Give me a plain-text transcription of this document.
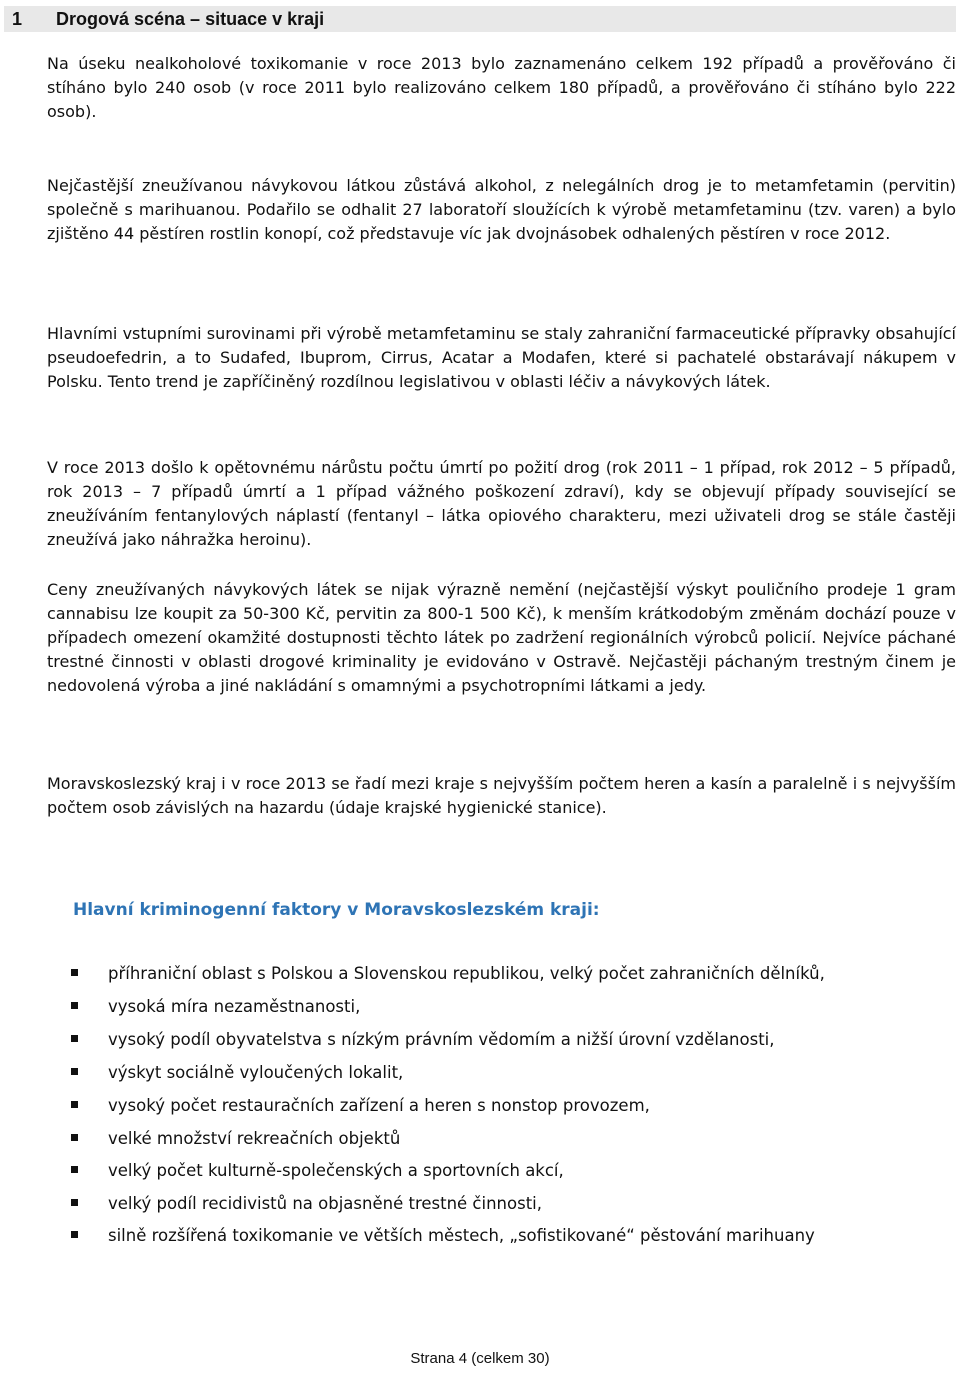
1 Drogová scéna – situace v kraji

Na úseku nealkoholové toxikomanie v roce 2013 bylo zaznamenáno celkem 192 případů a prověřováno či stíháno bylo 240 osob (v roce 2011 bylo realizováno celkem 180 případů, a prověřováno či stíháno bylo 222 osob).

Nejčastější zneužívanou návykovou látkou zůstává alkohol, z nelegálních drog je to metamfetamin (pervitin) společně s marihuanou. Podařilo se odhalit 27 laboratoří sloužících k výrobě metamfetaminu (tzv. varen) a bylo zjištěno 44 pěstíren rostlin konopí, což představuje víc jak dvojnásobek odhalených pěstíren v roce 2012.

Hlavními vstupními surovinami při výrobě metamfetaminu se staly zahraniční farmaceutické přípravky obsahující pseudoefedrin, a to Sudafed, Ibuprom, Cirrus, Acatar a Modafen, které si pachatelé obstarávají nákupem v Polsku. Tento trend je zapříčiněný rozdílnou legislativou v oblasti léčiv a návykových látek.

V roce 2013 došlo k opětovnému nárůstu počtu úmrtí po požití drog (rok 2011 – 1 případ, rok 2012 – 5 případů, rok 2013 – 7 případů úmrtí a 1 případ vážného poškození zdraví), kdy se objevují případy související se zneužíváním fentanylových náplastí (fentanyl – látka opiového charakteru, mezi uživateli drog se stále častěji zneužívá jako náhražka heroinu).

Ceny zneužívaných návykových látek se nijak výrazně nemění (nejčastější výskyt pouličního prodeje 1 gram cannabisu lze koupit za 50-300 Kč, pervitin za 800-1 500 Kč), k menším krátkodobým změnám dochází pouze v případech omezení okamžité dostupnosti těchto látek po zadržení regionálních výrobců policií. Nejvíce páchané trestné činnosti v oblasti drogové kriminality je evidováno v Ostravě. Nejčastěji páchaným trestným činem je nedovolená výroba a jiné nakládání s omamnými a psychotropními látkami a jedy.

Moravskoslezský kraj i v roce 2013 se řadí mezi kraje s nejvyšším počtem heren a kasín a paralelně i s nejvyšším počtem osob závislých na hazardu (údaje krajské hygienické stanice).

Hlavní kriminogenní faktory v Moravskoslezském kraji:
příhraniční oblast s Polskou a Slovenskou republikou, velký počet zahraničních dělníků,
vysoká míra nezaměstnanosti,
vysoký podíl obyvatelstva s nízkým právním vědomím a nižší úrovní vzdělanosti,
výskyt sociálně vyloučených lokalit,
vysoký počet restauračních zařízení a heren s nonstop provozem,
velké množství rekreačních objektů
velký počet kulturně-společenských a sportovních akcí,
velký podíl recidivistů na objasněné trestné činnosti,
silně rozšířená toxikomanie ve větších městech, „sofistikované“ pěstování marihuany
Strana 4 (celkem 30)
